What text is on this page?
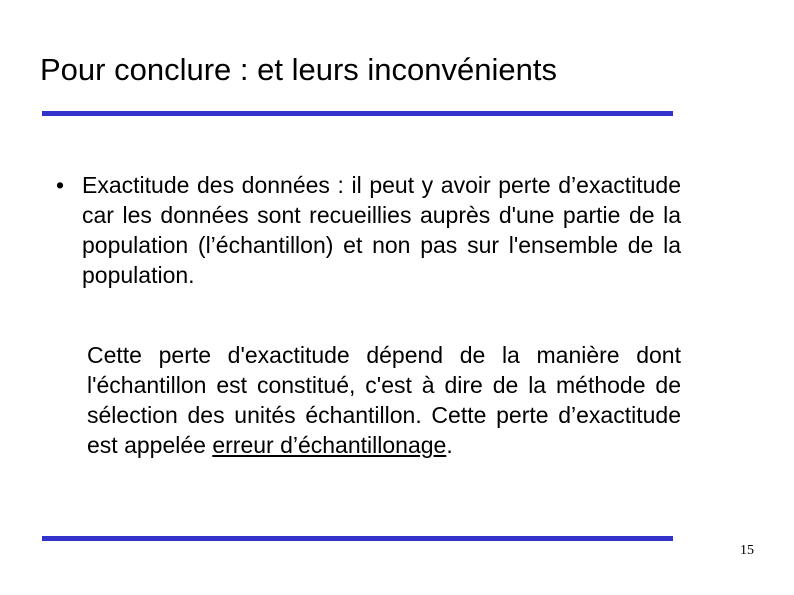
Pour conclure : et leurs inconvénients
• Exactitude des données : il peut y avoir perte d’exactitude car les données sont recueillies auprès d'une partie de la population (l’échantillon) et non pas sur l'ensemble de la population.

Cette perte d'exactitude dépend de la manière dont l'échantillon est constitué, c'est à dire de la méthode de sélection des unités échantillon. Cette perte d’exactitude est appelée erreur d’échantillonage.

15
